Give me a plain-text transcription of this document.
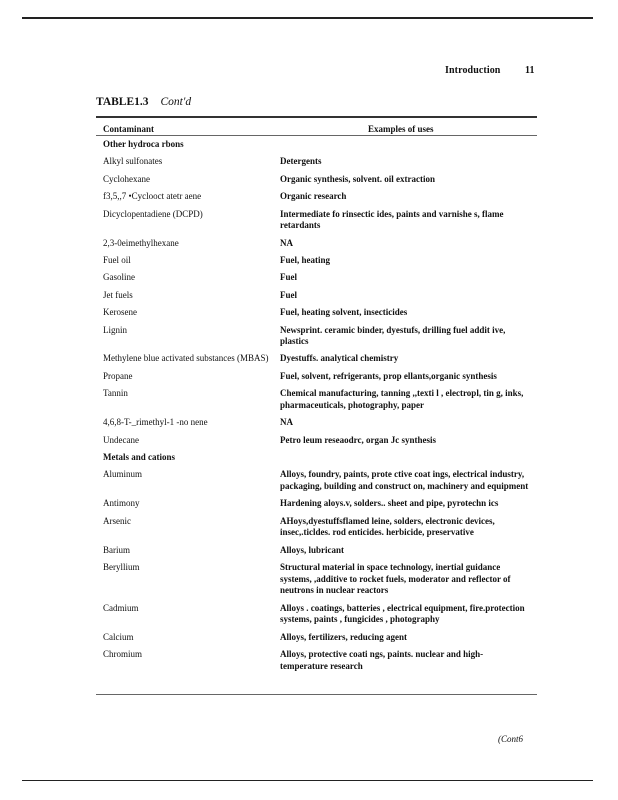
Introduction 11
TABLE1.3 Cont'd
Contaminant	Examples of uses
Other hydroca rbons
Alkyl sulfonates	Detergents
Cyclohexane	Organic synthesis, solvent. oil extraction
f3,5,,7 •Cyclooct atetr aene	Organic research
Dicyclopentadiene (DCPD)	Intermediate fo rinsectic ides, paints and varnishe s, flame retardants
2,3-0eimethylhexane	NA
Fuel oil	Fuel, heating
Gasoline	Fuel
Jet fuels	Fuel
Kerosene	Fuel, heating solvent, insecticides
Lignin	Newsprint. ceramic binder, dyestufs, drilling fuel addit ive, plastics
Methylene blue activated substances (MBAS)	Dyestuffs. analytical chemistry
Propane	Fuel, solvent, refrigerants, prop ellants,organic synthesis
Tannin	Chemical manufacturing, tanning ,,texti l , electropl, tin g, inks, pharmaceuticals, photography, paper
4,6,8-T-_rimethyl-1 -no nene	NA
Undecane	Petro leum reseaodrc, organ Jc synthesis
Metals and cations
Aluminum	Alloys, foundry, paints, prote ctive coat ings, electrical industry, packaging, building and construct on, machinery and equipment
Antimony	Hardening aloys.v, solders.. sheet and pipe, pyrotechn ics
Arsenic	AHoys,dyestuffsflamed leine, solders, electronic devices, insec,.ticldes. rod enticides. herbicide, preservative
Barium	Alloys, lubricant
Beryllium	Structural material in space technology, inertial guidance systems, ,additive to rocket fuels, moderator and reflector of neutrons in nuclear reactors
Cadmium	Alloys . coatings, batteries , electrical equipment, fire.protection systems, paints , fungicides , photography
Calcium	Alloys, fertilizers, reducing agent
Chromium	Alloys, protective coati ngs, paints. nuclear and high-temperature research
(Cont6
